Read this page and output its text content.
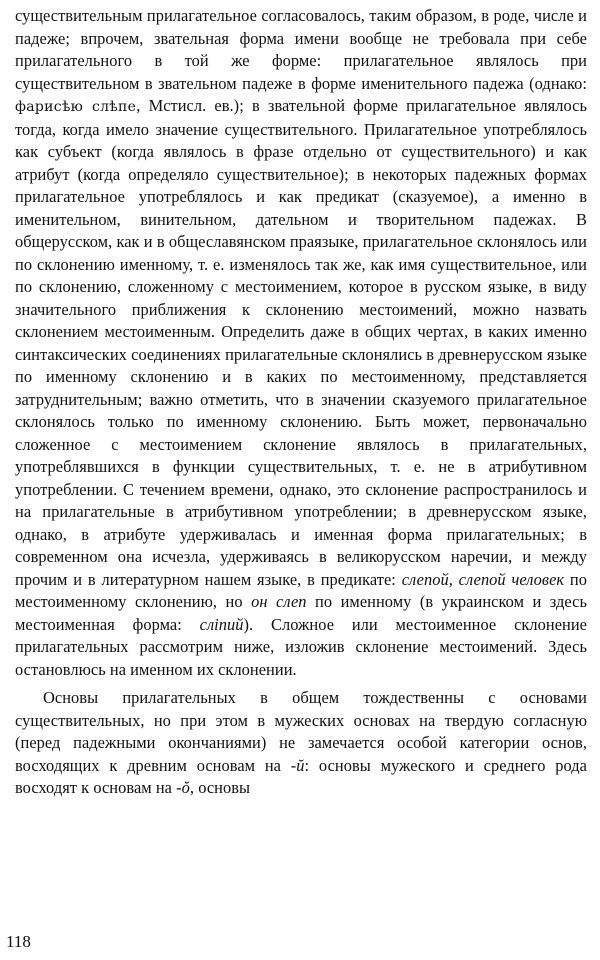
существительным прилагательное согласовалось, таким образом, в роде, числе и падеже; впрочем, звательная форма имени вообще не требовала при себе прилагательного в той же форме: прилагательное являлось при существительном в звательном падеже в форме именительного падежа (однако: фарисѣю слѣпе, Мстисл. ев.); в звательной форме прилагательное являлось тогда, когда имело значение существительного. Прилагательное употреблялось как субъект (когда являлось в фразе отдельно от существительного) и как атрибут (когда определяло существительное); в некоторых падежных формах прилагательное употреблялось и как предикат (сказуемое), а именно в именительном, винительном, дательном и творительном падежах. В общерусском, как и в общеславянском праязыке, прилагательное склонялось или по склонению именному, т. е. изменялось так же, как имя существительное, или по склонению, сложенному с местоимением, которое в русском языке, в виду значительного приближения к склонению местоимений, можно назвать склонением местоименным. Определить даже в общих чертах, в каких именно синтаксических соединениях прилагательные склонялись в древнерусском языке по именному склонению и в каких по местоименному, представляется затруднительным; важно отметить, что в значении сказуемого прилагательное склонялось только по именному склонению. Быть может, первоначально сложенное с местоимением склонение являлось в прилагательных, употреблявшихся в функции существительных, т. е. не в атрибутивном употреблении. С течением времени, однако, это склонение распространилось и на прилагательные в атрибутивном употреблении; в древнерусском языке, однако, в атрибуте удерживалась и именная форма прилагательных; в современном она исчезла, удерживаясь в великорусском наречии, и между прочим и в литературном нашем языке, в предикате: слепой, слепой человек по местоименному склонению, но он слеп по именному (в украинском и здесь местоименная форма: слiпий). Сложное или местоименное склонение прилагательных рассмотрим ниже, изложив склонение местоимений. Здесь остановлюсь на именном их склонении.

Основы прилагательных в общем тождественны с основами существительных, но при этом в мужеских основах на твердую согласную (перед падежными окончаниями) не замечается особой категории основ, восходящих к древним основам на -ŭ: основы мужеского и среднего рода восходят к основам на -ŏ, основы

118
